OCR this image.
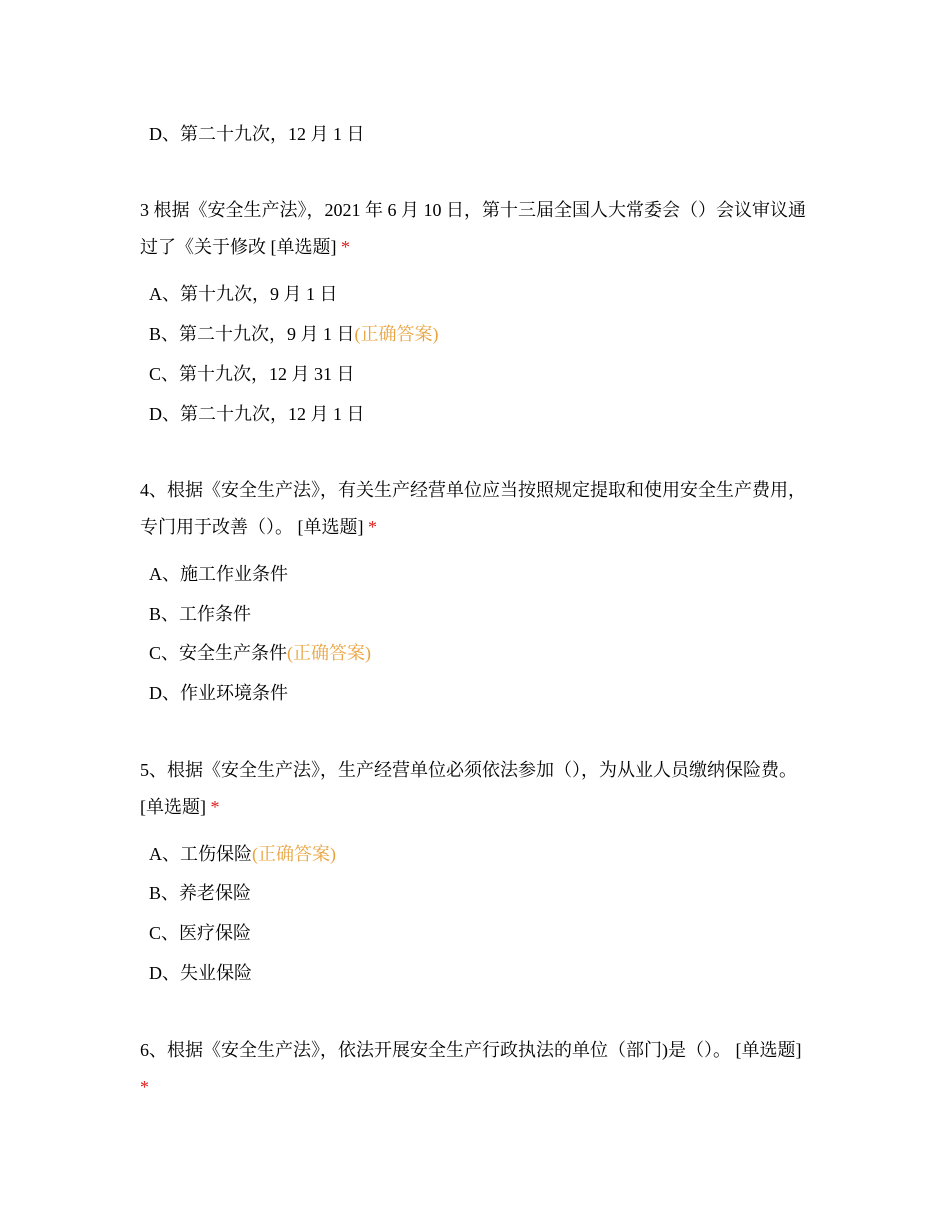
D、第二十九次，12 月 1 日
3 根据《安全生产法》，2021 年 6 月 10 日，第十三届全国人大常委会（）会议审议通过了《关于修改 [单选题] *
A、第十九次，9 月 1 日
B、第二十九次，9 月 1 日(正确答案)
C、第十九次，12 月 31 日
D、第二十九次，12 月 1 日
4、根据《安全生产法》，有关生产经营单位应当按照规定提取和使用安全生产费用，专门用于改善（）。 [单选题] *
A、施工作业条件
B、工作条件
C、安全生产条件(正确答案)
D、作业环境条件
5、根据《安全生产法》，生产经营单位必须依法参加（），为从业人员缴纳保险费。 [单选题] *
A、工伤保险(正确答案)
B、养老保险
C、医疗保险
D、失业保险
6、根据《安全生产法》，依法开展安全生产行政执法的单位（部门)是（）。 [单选题] *
